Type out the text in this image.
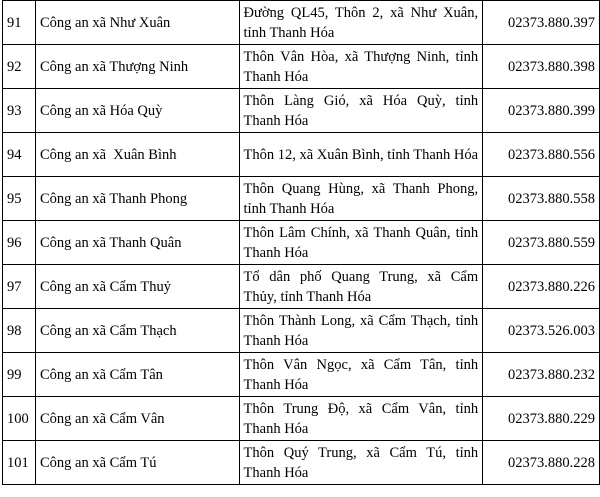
91	Công an xã Như Xuân	Đường QL45, Thôn 2, xã Như Xuân, tỉnh Thanh Hóa	02373.880.397
92	Công an xã Thượng Ninh	Thôn Vân Hòa, xã Thượng Ninh, tỉnh Thanh Hóa	02373.880.398
93	Công an xã Hóa Quỳ	Thôn Làng Gió, xã Hóa Quỳ, tỉnh Thanh Hóa	02373.880.399
94	Công an xã  Xuân Bình	Thôn 12, xã Xuân Bình, tỉnh Thanh Hóa	02373.880.556
95	Công an xã Thanh Phong	Thôn Quang Hùng, xã Thanh Phong, tỉnh Thanh Hóa	02373.880.558
96	Công an xã Thanh Quân	Thôn Lâm Chính, xã Thanh Quân, tỉnh Thanh Hóa	02373.880.559
97	Công an xã Cẩm Thuỷ	Tổ dân phố Quang Trung, xã Cẩm Thủy, tỉnh Thanh Hóa	02373.880.226
98	Công an xã Cẩm Thạch	Thôn Thành Long, xã Cẩm Thạch, tỉnh Thanh Hóa	02373.526.003
99	Công an xã Cẩm Tân	Thôn Vân Ngọc, xã Cẩm Tân, tỉnh Thanh Hóa	02373.880.232
100	Công an xã Cẩm Vân	Thôn Trung Độ, xã Cẩm Vân, tỉnh Thanh Hóa	02373.880.229
101	Công an xã Cẩm Tú	Thôn Quý Trung, xã Cẩm Tú, tỉnh Thanh Hóa	02373.880.228
